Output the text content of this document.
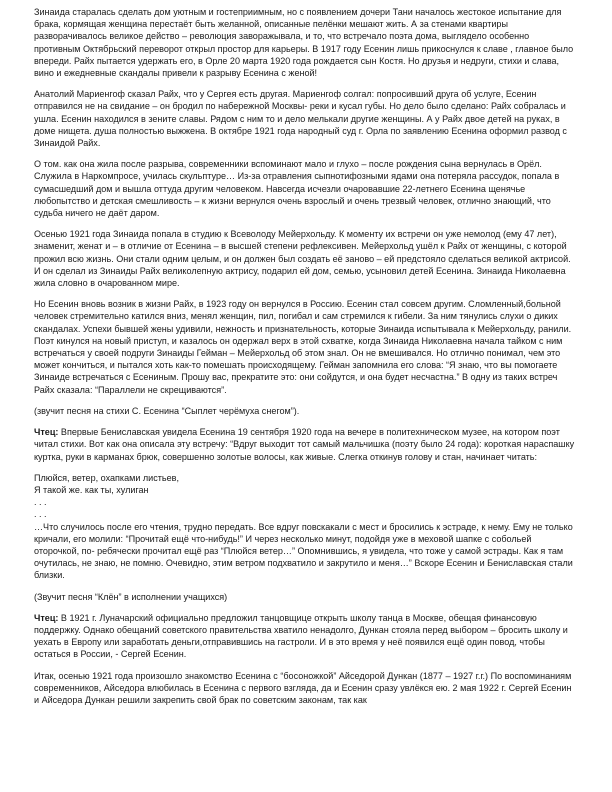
Зинаида старалась сделать дом уютным и гостеприимным, но с появлением дочери Тани началось жестокое испытание для брака, кормящая женщина перестаёт быть желанной, описанные пелёнки мешают жить. А за стенами квартиры разворачивалось великое действо – революция заворажывала, и то, что встречало поэта дома, выглядело особенно противным Октябрьский переворот открыл простор для карьеры. В 1917 году Есенин лишь прикоснулся к славе , главное было впереди. Райх пытается удержать его, в Орле 20 марта 1920 года рождается сын Костя. Но друзья и недруги, стихи и слава, вино и ежедневные скандалы привели к разрыву Есенина с женой!

Анатолий Мариенгоф сказал Райх, что у Сергея есть другая. Мариенгоф солгал: попросивший друга об услуге, Есенин отправился не на свидание – он бродил по набережной Москвы- реки и кусал губы. Но дело было сделано: Райх собралась и ушла. Есенин находился в зените славы. Рядом с ним то и дело мелькали другие женщины. А у Райх двое детей на руках, в доме нищета. душа полностью выжжена. В октябре 1921 года народный суд г. Орла по заявлению Есенина оформил развод с Зинаидой Райх.

О том. как она жила после разрыва, современники вспоминают мало и глухо – после рождения сына вернулась в Орёл. Служила в Наркомпросе, училась скульптуре… Из-за отравления сыпнотифозными ядами она потеряла рассудок, попала в сумасшедший дом и вышла оттуда другим человеком. Навсегда исчезли очаровавшие 22-летнего Есенина щенячье любопытство и детская смешливость – к жизни вернулся очень взрослый и очень трезвый человек, отлично знающий, что судьба ничего не даёт даром.

Осенью 1921 года Зинаида попала в студию к Всеволоду Мейерхольду. К моменту их встречи он уже немолод (ему 47 лет), знаменит, женат и – в отличие от Есенина – в высшей степени рефлексивен. Мейерхольд ушёл к Райх от женщины, с которой прожил всю жизнь. Они стали одним целым, и он должен был создать её заново – ей предстояло сделаться великой актрисой. И он сделал из Зинаиды Райх великолепную актрису, подарил ей дом, семью, усыновил детей Есенина. Зинаида Николаевна жила словно в очарованном мире.

Но Есенин вновь возник в жизни Райх, в 1923 году он вернулся в Россию. Есенин стал совсем другим. Сломленный,больной человек стремительно катился вниз, менял женщин, пил, погибал и сам стремился к гибели. За ним тянулись слухи о диких скандалах. Успехи бывшей жены удивили, нежность и признательность, которые Зинаида испытывала к Мейерхольду, ранили. Поэт кинулся на новый приступ, и казалось он одержал верх в этой схватке, когда Зинаида Николаевна начала тайком с ним встречаться у своей подруги Зинаиды Гейман – Мейерхольд об этом знал. Он не вмешивался. Но отлично понимал, чем это может кончиться, и пытался хоть как-то помешать происходящему. Гейман запомнила его слова: “Я знаю, что вы помогаете Зинаиде встречаться с Есениным. Прошу вас, прекратите это: они сойдутся, и она будет несчастна.” В одну из таких встреч Райх сказала: “Параллели не скрещиваются”.

(звучит песня на стихи С. Есенина “Сыплет черёмуха снегом”).

Чтец: Впервые Бениславская увидела Есенина 19 сентября 1920 года на вечере в политехническом музее, на котором поэт читал стихи. Вот как она описала эту встречу: “Вдруг выходит тот самый мальчишка (поэту было 24 года): короткая нараспашку куртка, руки в карманах брюк, совершенно золотые волосы, как живые. Слегка откинув голову и стан, начинает читать:

Плюйся, ветер, охапками листьев,
Я такой же. как ты, хулиган
. . .
. . .

…Что случилось после его чтения, трудно передать. Все вдруг повскакали с мест и бросились к эстраде, к нему. Ему не только кричали, его молили: “Прочитай ещё что-нибудь!” И через несколько минут, подойдя уже в меховой шапке с собольей оторочкой, по- ребячески прочитал ещё раз “Плюйся ветер…” Опомнившись, я увидела, что тоже у самой эстрады. Как я там очутилась, не знаю, не помню. Очевидно, этим ветром подхватило и закрутило и меня…” Вскоре Есенин и Бениславская стали близки.

(Звучит песня “Клён” в исполнении учащихся)

Чтец: В 1921 г. Луначарский официально предложил танцовщице открыть школу танца в Москве, обещая финансовую поддержку. Однако обещаний советского правительства хватило ненадолго, Дункан стояла перед выбором – бросить школу и уехать в Европу или заработать деньги,отправившись на гастроли. И в это время у неё появился ещё один повод, чтобы остаться в России, - Сергей Есенин.

Итак, осенью 1921 года произошло знакомство Есенина с “босоножкой” Айседорой Дункан (1877 – 1927 г.г.) По воспоминаниям современников, Айседора влюбилась в Есенина с первого взгляда, да и Есенин сразу увлёкся ею. 2 мая 1922 г. Сергей Есенин и Айседора Дункан решили закрепить свой брак по советским законам, так как
